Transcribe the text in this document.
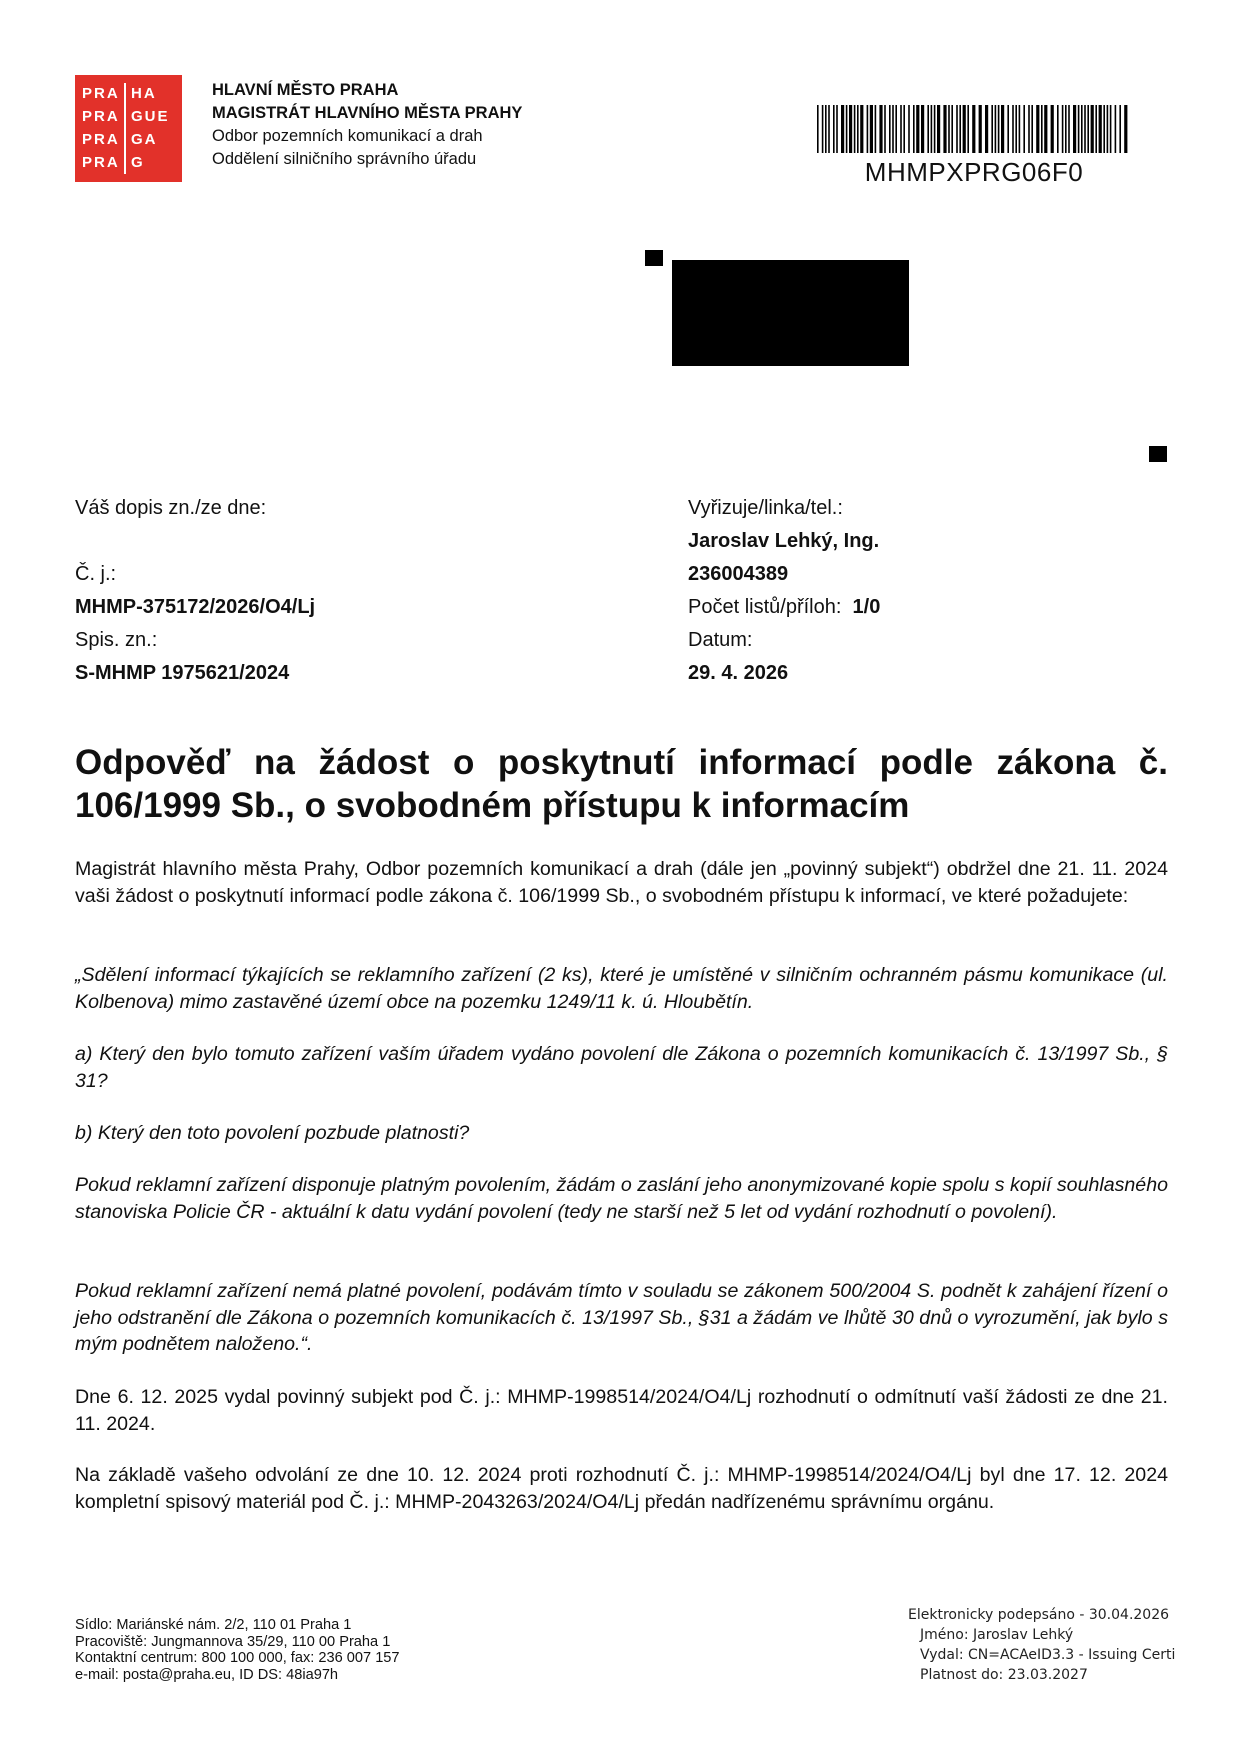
PRA HA
PRA GUE
PRA GA
PRA G
HLAVNÍ MĚSTO PRAHA
MAGISTRÁT HLAVNÍHO MĚSTA PRAHY
Odbor pozemních komunikací a drah
Oddělení silničního správního úřadu	MHMPXPRG06F0
Váš dopis zn./ze dne:

Č. j.:
MHMP-375172/2026/O4/Lj
Spis. zn.:
S-MHMP 1975621/2024
Vyřizuje/linka/tel.:
Jaroslav Lehký, Ing.
236004389
Počet listů/příloh: 1/0
Datum:
29. 4. 2026
Odpověď na žádost o poskytnutí informací podle zákona č. 106/1999 Sb., o svobodném přístupu k informacím
Magistrát hlavního města Prahy, Odbor pozemních komunikací a drah (dále jen „povinný subjekt“) obdržel dne 21. 11. 2024 vaši žádost o poskytnutí informací podle zákona č. 106/1999 Sb., o svobodném přístupu k informací, ve které požadujete:
„Sdělení informací týkajících se reklamního zařízení (2 ks), které je umístěné v silničním ochranném pásmu komunikace (ul. Kolbenova) mimo zastavěné území obce na pozemku 1249/11 k. ú. Hloubětín.
a) Který den bylo tomuto zařízení vaším úřadem vydáno povolení dle Zákona o pozemních komunikacích č. 13/1997 Sb., § 31?
b) Který den toto povolení pozbude platnosti?
Pokud reklamní zařízení disponuje platným povolením, žádám o zaslání jeho anonymizované kopie spolu s kopií souhlasného stanoviska Policie ČR - aktuální k datu vydání povolení (tedy ne starší než 5 let od vydání rozhodnutí o povolení).
Pokud reklamní zařízení nemá platné povolení, podávám tímto v souladu se zákonem 500/2004 S. podnět k zahájení řízení o jeho odstranění dle Zákona o pozemních komunikacích č. 13/1997 Sb., §31 a žádám ve lhůtě 30 dnů o vyrozumění, jak bylo s mým podnětem naloženo.“.
Dne 6. 12. 2025 vydal povinný subjekt pod Č. j.: MHMP-1998514/2024/O4/Lj rozhodnutí o odmítnutí vaší žádosti ze dne 21. 11. 2024.
Na základě vašeho odvolání ze dne 10. 12. 2024 proti rozhodnutí Č. j.: MHMP-1998514/2024/O4/Lj byl dne 17. 12. 2024 kompletní spisový materiál pod Č. j.: MHMP-2043263/2024/O4/Lj předán nadřízenému správnímu orgánu.
Sídlo: Mariánské nám. 2/2, 110 01 Praha 1
Pracoviště: Jungmannova 35/29, 110 00 Praha 1
Kontaktní centrum: 800 100 000, fax: 236 007 157
e-mail: posta@praha.eu, ID DS: 48ia97h
Elektronicky podepsáno - 30.04.2026
Jméno: Jaroslav Lehký
Vydal: CN=ACAeID3.3 - Issuing Certi
Platnost do: 23.03.2027
